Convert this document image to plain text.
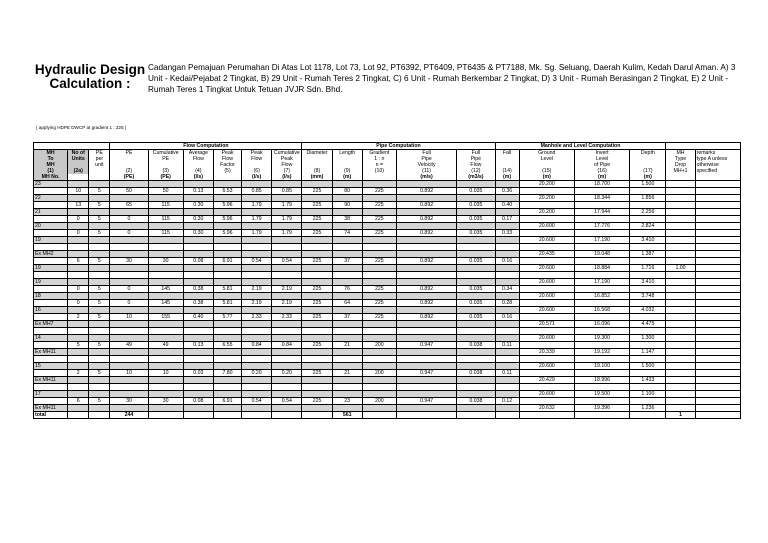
Hydraulic Design
Calculation :
Cadangan Pemajuan Perumahan Di Atas Lot 1178, Lot 73, Lot 92, PT6392, PT6409, PT6435 & PT7188, Mk. Sg. Seluang, Daerah Kulim, Kedah Darul Aman. A) 3 Unit - Kedai/Pejabat 2 Tingkat, B) 29 Unit - Rumah Teres 2 Tingkat, C) 6 Unit - Rumah Berkembar 2 Tingkat, D) 3 Unit - Rumah Berasingan 2 Tingkat, E) 2 Unit - Rumah Teres 1 Tingkat Untuk Tetuan JVJR Sdn. Bhd.
( applying HDPE DWCP at gradient 1 : 225 )
			Flow Computation						Pipe Computation					Manhole and Level Computation					
MH	No of	PE	PE	Cumulative	Average	Peak	Peak	Cumulative	Diameter	Length	Gradient	Full	Full	Fall	Ground	Invert	Depth	MH	remarks
To	Units	per		PE	Flow	Flow	Flow	Peak			1 : n	Pipe	Pipe		Level	Level		Type	type A unless
MH		unit				Factor		Flow			n =	Velocity	Flow			of Pipe		Drop	otherwise
(1)	(2a)		(2)	(3)	(4)	(5)	(6)	(7)	(8)	(9)	(10)	(11)	(12)	(14)	(15)	(16)	(17)	MH+1	specified
MH No.			(PE)	(PE)	(l/s)		(l/s)	(l/s)	(mm)	(m)		(m/s)	(m3/s)	(m)	(m)	(m)	(m)		
23															20.200	18.700	1.500		
	10	5	50	50	0.13	6.53	0.85	0.85	225	80	225	0.892	0.035	0.36					
22															20.200	18.344	1.856		
	13	5	65	115	0.30	5.96	1.79	1.79	225	90	225	0.892	0.035	0.40					
21															20.200	17.944	2.256		
	0	5	0	115	0.30	5.96	1.79	1.79	225	38	225	0.892	0.035	0.17					
20															20.600	17.776	2.824		
	0	5	0	115	0.30	5.96	1.79	1.79	225	74	225	0.892	0.035	0.33					
19															20.600	17.190	3.410		

Ex MH2															20.435	19.048	1.387		
	6	5	30	30	0.08	6.91	0.54	0.54	225	37	225	0.892	0.035	0.16					
19															20.600	18.884	1.716	1.00	

19															20.600	17.190	3.410		
	0	5	0	145	0.38	5.81	2.19	2.19	225	76	225	0.892	0.035	0.34					
18															20.600	16.852	3.748		
	0	5	0	145	0.38	5.81	2.19	2.19	225	64	225	0.892	0.035	0.28					
16															20.600	16.568	4.032		
	2	5	10	155	0.40	5.77	2.33	2.33	225	37	225	0.892	0.035	0.16					
Ex MH7															20.571	16.096	4.475		

14															20.600	19.300	1.300		
	5	5	49	49	0.13	6.55	0.84	0.84	225	21	200	0.947	0.038	0.11					
Ex MH11															20.339	19.192	1.147		

15															20.600	19.100	1.500		
	2	5	10	10	0.03	7.80	0.20	0.20	225	21	200	0.947	0.038	0.11					
Ex MH11															20.429	18.996	1.433		

17															20.600	19.500	1.100		
	6	5	30	30	0.08	6.91	0.54	0.54	225	23	200	0.947	0.038	0.12					
Ex MH11															20.632	19.396	1.236		
total			244							561								1	
